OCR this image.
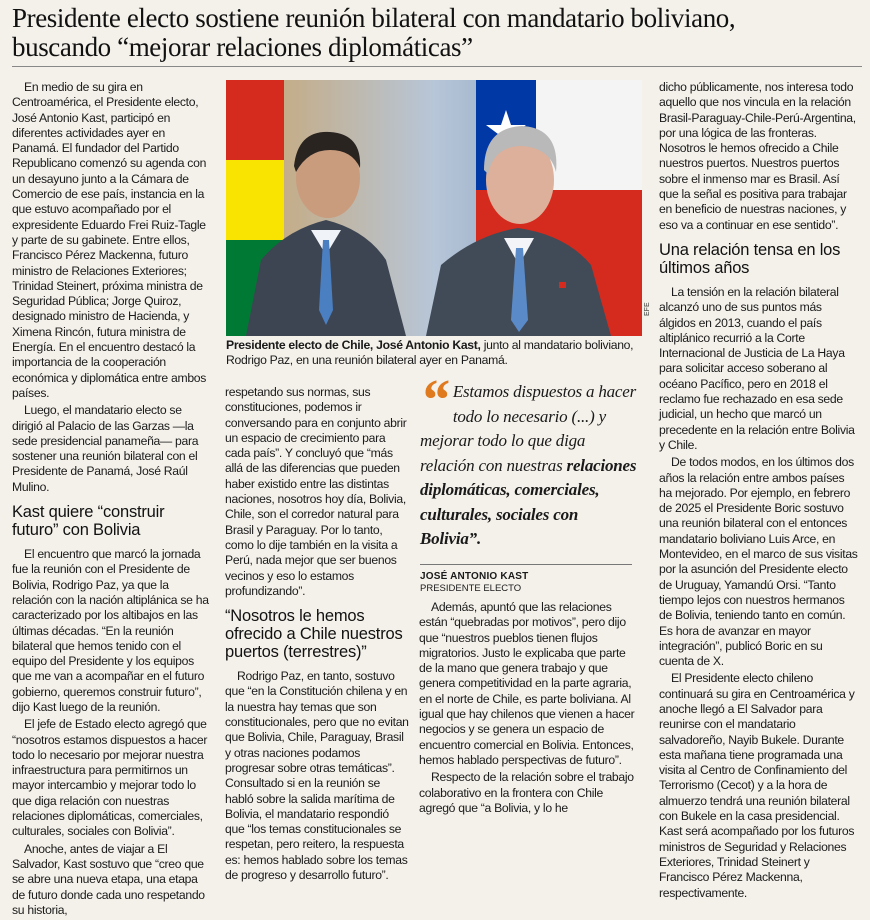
Presidente electo sostiene reunión bilateral con mandatario boliviano,
buscando “mejorar relaciones diplomáticas”

En medio de su gira en Centroamérica, el Presidente electo, José Antonio Kast, participó en diferentes actividades ayer en Panamá. El fundador del Partido Republicano comenzó su agenda con un desayuno junto a la Cámara de Comercio de ese país, instancia en la que estuvo acompañado por el expresidente Eduardo Frei Ruiz-Tagle y parte de su gabinete. Entre ellos, Francisco Pérez Mackenna, futuro ministro de Relaciones Exteriores; Trinidad Steinert, próxima ministra de Seguridad Pública; Jorge Quiroz, designado ministro de Hacienda, y Ximena Rincón, futura ministra de Energía. En el encuentro destacó la importancia de la cooperación económica y diplomática entre ambos países.

Luego, el mandatario electo se dirigió al Palacio de las Garzas —la sede presidencial panameña— para sostener una reunión bilateral con el Presidente de Panamá, José Raúl Mulino.

Kast quiere “construir futuro” con Bolivia

El encuentro que marcó la jornada fue la reunión con el Presidente de Bolivia, Rodrigo Paz, ya que la relación con la nación altiplánica se ha caracterizado por los altibajos en las últimas décadas. “En la reunión bilateral que hemos tenido con el equipo del Presidente y los equipos que me van a acompañar en el futuro gobierno, queremos construir futuro”, dijo Kast luego de la reunión.

El jefe de Estado electo agregó que “nosotros estamos dispuestos a hacer todo lo necesario por mejorar nuestra infraestructura para permitirnos un mayor intercambio y mejorar todo lo que diga relación con nuestras relaciones diplomáticas, comerciales, culturales, sociales con Bolivia”.

Anoche, antes de viajar a El Salvador, Kast sostuvo que “creo que se abre una nueva etapa, una etapa de futuro donde cada uno respetando su historia,

EFE
Presidente electo de Chile, José Antonio Kast, junto al mandatario boliviano, Rodrigo Paz, en una reunión bilateral ayer en Panamá.

respetando sus normas, sus constituciones, podemos ir conversando para en conjunto abrir un espacio de crecimiento para cada país”. Y concluyó que “más allá de las diferencias que pueden haber existido entre las distintas naciones, nosotros hoy día, Bolivia, Chile, son el corredor natural para Brasil y Paraguay. Por lo tanto, como lo dije también en la visita a Perú, nada mejor que ser buenos vecinos y eso lo estamos profundizando”.

“Nosotros le hemos ofrecido a Chile nuestros puertos (terrestres)”

Rodrigo Paz, en tanto, sostuvo que “en la Constitución chilena y en la nuestra hay temas que son constitucionales, pero que no evitan que Bolivia, Chile, Paraguay, Brasil y otras naciones podamos progresar sobre otras temáticas”. Consultado si en la reunión se habló sobre la salida marítima de Bolivia, el mandatario respondió que “los temas constitucionales se respetan, pero reitero, la respuesta es: hemos hablado sobre los temas de progreso y desarrollo futuro”.

“ Estamos dispuestos a hacer todo lo necesario (...) y mejorar todo lo que diga relación con nuestras relaciones diplomáticas, comerciales, culturales, sociales con Bolivia”.
JOSÉ ANTONIO KAST
PRESIDENTE ELECTO

Además, apuntó que las relaciones están “quebradas por motivos”, pero dijo que “nuestros pueblos tienen flujos migratorios. Justo le explicaba que parte de la mano que genera trabajo y que genera competitividad en la parte agraria, en el norte de Chile, es parte boliviana. Al igual que hay chilenos que vienen a hacer negocios y se genera un espacio de encuentro comercial en Bolivia. Entonces, hemos hablado perspectivas de futuro”.

Respecto de la relación sobre el trabajo colaborativo en la frontera con Chile agregó que “a Bolivia, y lo he

dicho públicamente, nos interesa todo aquello que nos vincula en la relación Brasil-Paraguay-Chile-Perú-Argentina, por una lógica de las fronteras. Nosotros le hemos ofrecido a Chile nuestros puertos. Nuestros puertos sobre el inmenso mar es Brasil. Así que la señal es positiva para trabajar en beneficio de nuestras naciones, y eso va a continuar en ese sentido”.

Una relación tensa en los últimos años

La tensión en la relación bilateral alcanzó uno de sus puntos más álgidos en 2013, cuando el país altiplánico recurrió a la Corte Internacional de Justicia de La Haya para solicitar acceso soberano al océano Pacífico, pero en 2018 el reclamo fue rechazado en esa sede judicial, un hecho que marcó un precedente en la relación entre Bolivia y Chile.

De todos modos, en los últimos dos años la relación entre ambos países ha mejorado. Por ejemplo, en febrero de 2025 el Presidente Boric sostuvo una reunión bilateral con el entonces mandatario boliviano Luis Arce, en Montevideo, en el marco de sus visitas por la asunción del Presidente electo de Uruguay, Yamandú Orsi. “Tanto tiempo lejos con nuestros hermanos de Bolivia, teniendo tanto en común. Es hora de avanzar en mayor integración”, publicó Boric en su cuenta de X.

El Presidente electo chileno continuará su gira en Centroamérica y anoche llegó a El Salvador para reunirse con el mandatario salvadoreño, Nayib Bukele. Durante esta mañana tiene programada una visita al Centro de Confinamiento del Terrorismo (Cecot) y a la hora de almuerzo tendrá una reunión bilateral con Bukele en la casa presidencial. Kast será acompañado por los futuros ministros de Seguridad y Relaciones Exteriores, Trinidad Steinert y Francisco Pérez Mackenna, respectivamente.
